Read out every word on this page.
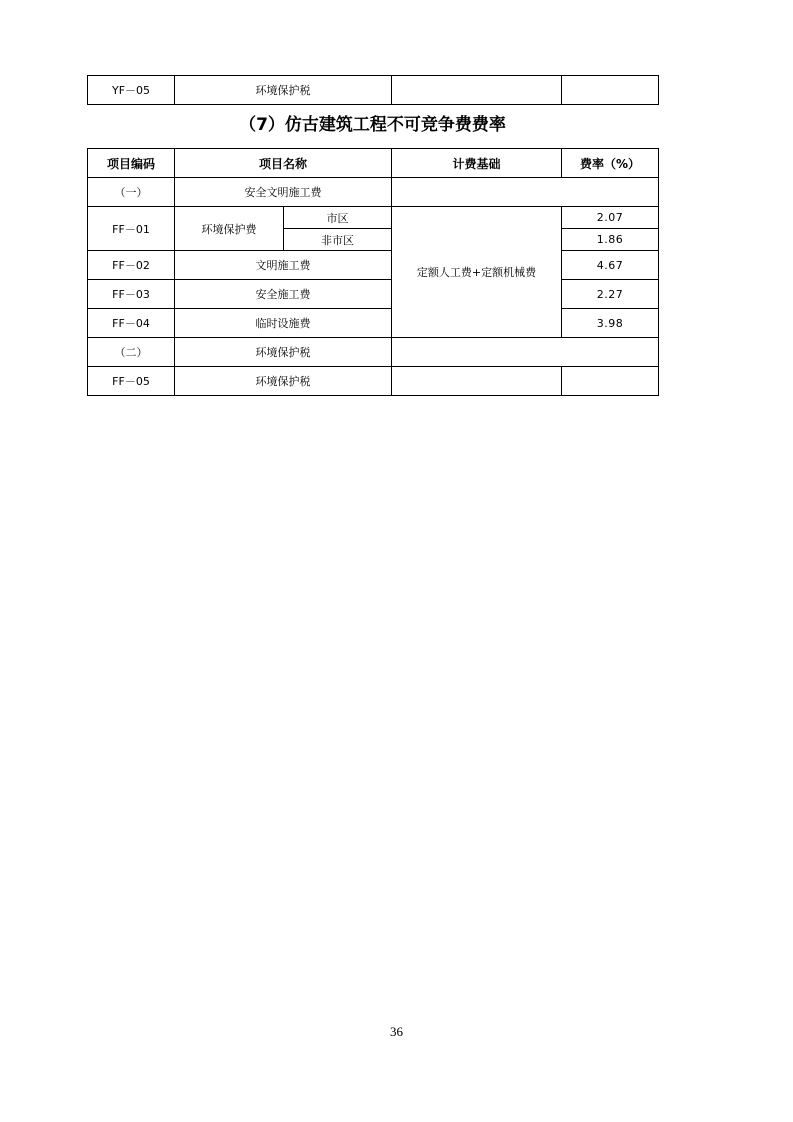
YF－05	环境保护税		
（7）仿古建筑工程不可竞争费费率
项目编码	项目名称		计费基础	费率（%）
（一）	安全文明施工费			
FF－01	环境保护费	市区	定额人工费+定额机械费	2.07
		非市区		1.86
FF－02	文明施工费			4.67
FF－03	安全施工费			2.27
FF－04	临时设施费			3.98
（二）	环境保护税			
FF－05	环境保护税			
36
